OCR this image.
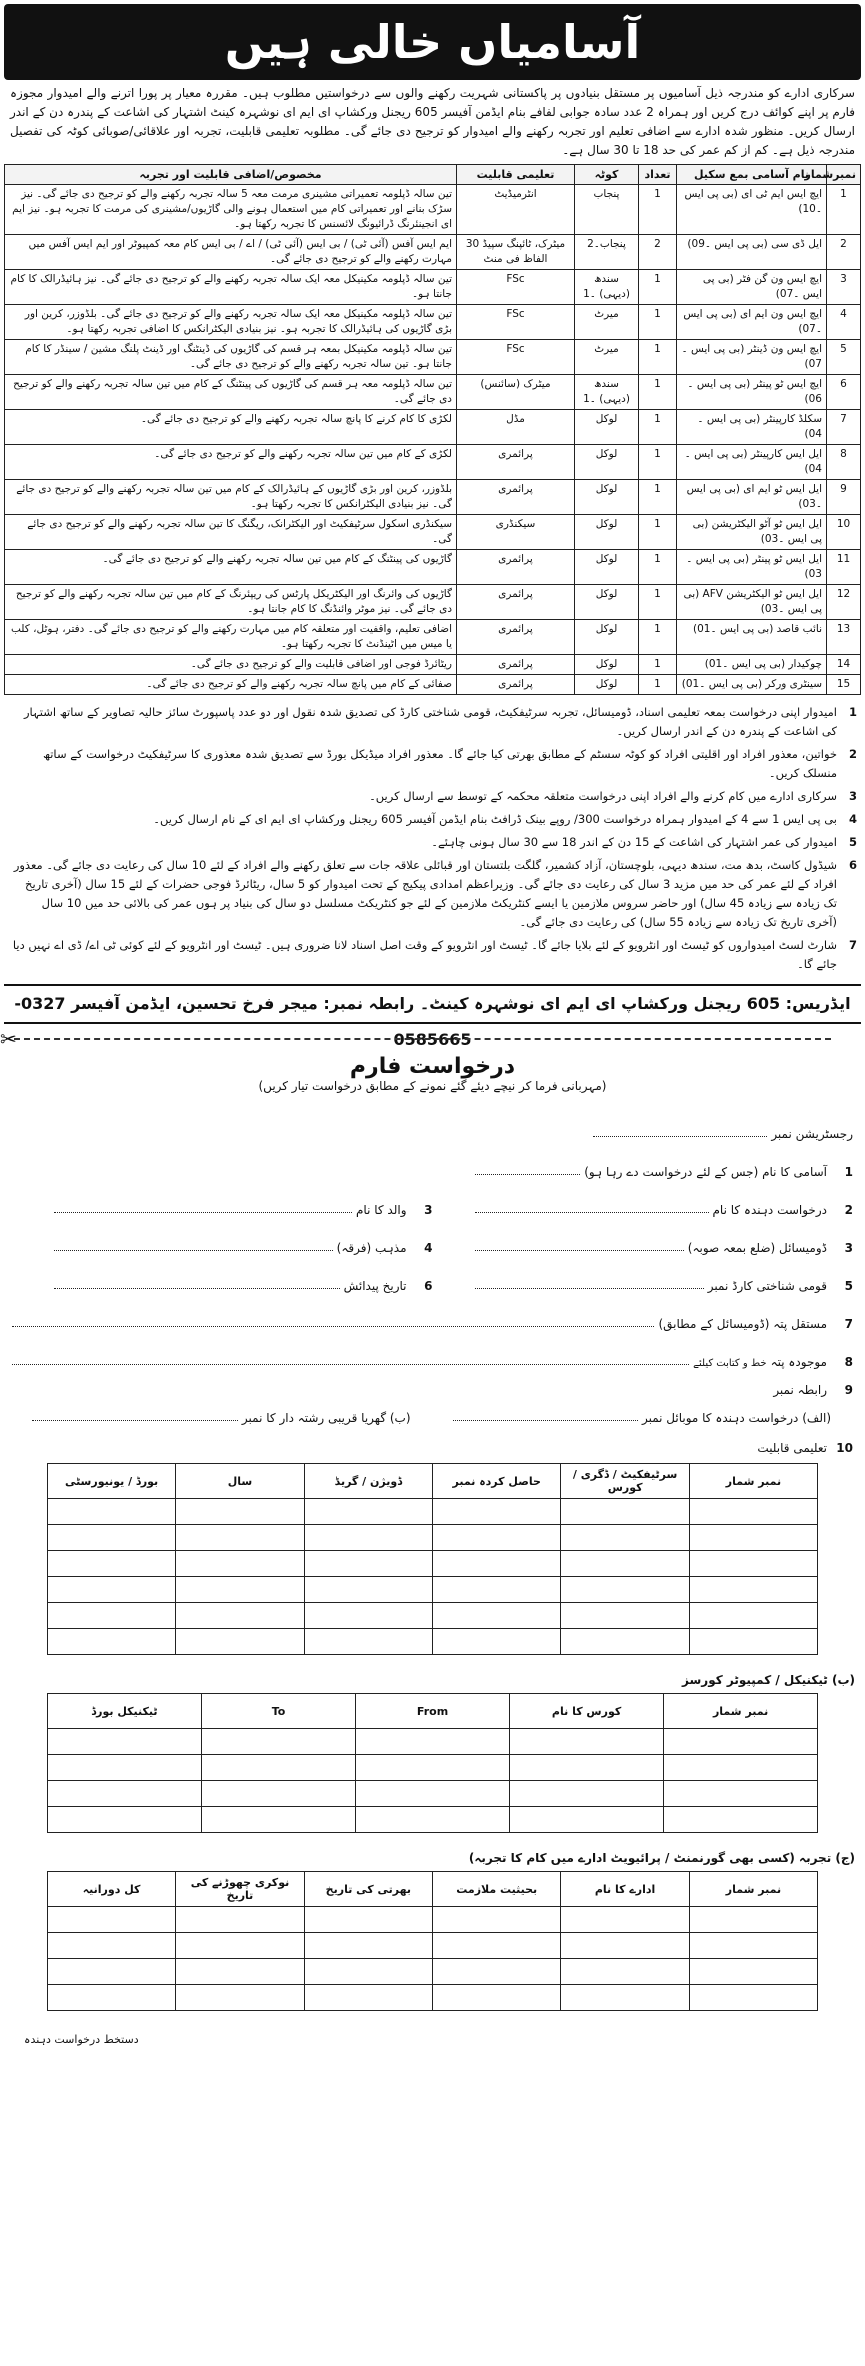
آسامیاں خالی ہیں
سرکاری ادارے کو مندرجہ ذیل آسامیوں پر مستقل بنیادوں پر پاکستانی شہریت رکھنے والوں سے درخواستیں مطلوب ہیں۔ مقررہ معیار پر پورا اترنے والے امیدوار مجوزہ فارم پر اپنے کوائف درج کریں اور ہمراہ 2 عدد سادہ جوابی لفافے بنام ایڈمن آفیسر 605 ریجنل ورکشاپ ای ایم ای نوشہرہ کینٹ اشتہار کی اشاعت کے پندرہ دن کے اندر ارسال کریں۔ منظور شدہ ادارے سے اضافی تعلیم اور تجربہ رکھنے والے امیدوار کو ترجیح دی جائے گی۔ مطلوبہ تعلیمی قابلیت، تجربہ اور علاقائی/صوبائی کوٹہ کی تفصیل مندرجہ ذیل ہے۔ کم از کم عمر کی حد 18 تا 30 سال ہے۔
نمبرشمار	نام آسامی بمع سکیل	تعداد	کوٹہ	تعلیمی قابلیت	مخصوص/اضافی قابلیت اور تجربہ
1	ایچ ایس ایم ٹی ای (بی پی ایس ۔10)	1	پنجاب	انٹرمیڈیٹ	تین سالہ ڈپلومہ تعمیراتی مشینری مرمت معہ 5 سالہ تجربہ رکھنے والے کو ترجیح دی جائے گی۔ نیز سڑک بنانے اور تعمیراتی کام میں استعمال ہونے والی گاڑیوں/مشینری کی مرمت کا تجربہ ہو۔ نیز ایم ای انجینئرنگ ڈرائیونگ لائسنس کا تجربہ رکھتا ہو۔
2	ایل ڈی سی (بی پی ایس ۔09)	2	پنجاب۔2	میٹرک، ٹائپنگ سپیڈ 30 الفاظ فی منٹ	ایم ایس آفس (آئی ٹی) / بی ایس (آئی ٹی) / اے / بی ایس کام معہ کمپیوٹر اور ایم ایس آفس میں مہارت رکھنے والے کو ترجیح دی جائے گی۔
3	ایچ ایس ون گن فٹر (بی پی ایس ۔07)	1	سندھ (دیہی) ۔1	FSc	تین سالہ ڈپلومہ مکینیکل معہ ایک سالہ تجربہ رکھنے والے کو ترجیح دی جائے گی۔ نیز ہائیڈرالک کا کام جانتا ہو۔
4	ایچ ایس ون ایم ای (بی پی ایس ۔07)	1	میرٹ	FSc	تین سالہ ڈپلومہ مکینیکل معہ ایک سالہ تجربہ رکھنے والے کو ترجیح دی جائے گی۔ بلڈوزر، کرین اور بڑی گاڑیوں کی ہائیڈرالک کا تجربہ ہو۔ نیز بنیادی الیکٹرانکس کا اضافی تجربہ رکھتا ہو۔
5	ایچ ایس ون ڈینٹر (بی پی ایس ۔07)	1	میرٹ	FSc	تین سالہ ڈپلومہ مکینیکل بمعہ ہر قسم کی گاڑیوں کی ڈینٹنگ اور ڈینٹ پلنگ مشین / سینڈر کا کام جانتا ہو۔ تین سالہ تجربہ رکھنے والے کو ترجیح دی جائے گی۔
6	ایچ ایس ٹو پینٹر (بی پی ایس ۔06)	1	سندھ (دیہی) ۔1	میٹرک (سائنس)	تین سالہ ڈپلومہ معہ ہر قسم کی گاڑیوں کی پینٹنگ کے کام میں تین سالہ تجربہ رکھنے والے کو ترجیح دی جائے گی۔
7	سکلڈ کارپینٹر (بی پی ایس ۔04)	1	لوکل	مڈل	لکڑی کا کام کرنے کا پانچ سالہ تجربہ رکھنے والے کو ترجیح دی جائے گی۔
8	ایل ایس کارپینٹر (بی پی ایس ۔04)	1	لوکل	پرائمری	لکڑی کے کام میں تین سالہ تجربہ رکھنے والے کو ترجیح دی جائے گی۔
9	ایل ایس ٹو ایم ای (بی پی ایس ۔03)	1	لوکل	پرائمری	بلڈوزر، کرین اور بڑی گاڑیوں کے ہائیڈرالک کے کام میں تین سالہ تجربہ رکھنے والے کو ترجیح دی جائے گی۔ نیز بنیادی الیکٹرانکس کا تجربہ رکھتا ہو۔
10	ایل ایس ٹو آٹو الیکٹریشن (بی پی ایس ۔03)	1	لوکل	سیکنڈری	سیکنڈری اسکول سرٹیفکیٹ اور الیکٹرانک، ریگنگ کا تین سالہ تجربہ رکھنے والے کو ترجیح دی جائے گی۔
11	ایل ایس ٹو پینٹر (بی پی ایس ۔03)	1	لوکل	پرائمری	گاڑیوں کی پینٹنگ کے کام میں تین سالہ تجربہ رکھنے والے کو ترجیح دی جائے گی۔
12	ایل ایس ٹو الیکٹریشن AFV (بی پی ایس ۔03)	1	لوکل	پرائمری	گاڑیوں کی وائرنگ اور الیکٹریکل پارٹس کی ریپئرنگ کے کام میں تین سالہ تجربہ رکھنے والے کو ترجیح دی جائے گی۔ نیز موٹر وائنڈنگ کا کام جانتا ہو۔
13	نائب قاصد (بی پی ایس ۔01)	1	لوکل	پرائمری	اضافی تعلیم، واقفیت اور متعلقہ کام میں مہارت رکھنے والے کو ترجیح دی جائے گی۔ دفتر، ہوٹل، کلب یا میس میں اٹینڈنٹ کا تجربہ رکھتا ہو۔
14	چوکیدار (بی پی ایس ۔01)	1	لوکل	پرائمری	ریٹائرڈ فوجی اور اضافی قابلیت والے کو ترجیح دی جائے گی۔
15	سینٹری ورکر (بی پی ایس ۔01)	1	لوکل	پرائمری	صفائی کے کام میں پانچ سالہ تجربہ رکھنے والے کو ترجیح دی جائے گی۔
1
امیدوار اپنی درخواست بمعہ تعلیمی اسناد، ڈومیسائل، تجربہ سرٹیفکیٹ، قومی شناختی کارڈ کی تصدیق شدہ نقول اور دو عدد پاسپورٹ سائز حالیہ تصاویر کے ساتھ اشتہار کی اشاعت کے پندرہ دن کے اندر ارسال کریں۔
2
خواتین، معذور افراد اور اقلیتی افراد کو کوٹہ سسٹم کے مطابق بھرتی کیا جائے گا۔ معذور افراد میڈیکل بورڈ سے تصدیق شدہ معذوری کا سرٹیفکیٹ درخواست کے ساتھ منسلک کریں۔
3
سرکاری ادارے میں کام کرنے والے افراد اپنی درخواست متعلقہ محکمہ کے توسط سے ارسال کریں۔
4
بی پی ایس 1 سے 4 کے امیدوار ہمراہ درخواست 300/ روپے بینک ڈرافٹ بنام ایڈمن آفیسر 605 ریجنل ورکشاپ ای ایم ای کے نام ارسال کریں۔
5
امیدوار کی عمر اشتہار کی اشاعت کے 15 دن کے اندر 18 سے 30 سال ہونی چاہئے۔
6
شیڈول کاسٹ، بدھ مت، سندھ دیہی، بلوچستان، آزاد کشمیر، گلگت بلتستان اور قبائلی علاقہ جات سے تعلق رکھنے والے افراد کے لئے 10 سال کی رعایت دی جائے گی۔ معذور افراد کے لئے عمر کی حد میں مزید 3 سال کی رعایت دی جائے گی۔ وزیراعظم امدادی پیکیج کے تحت امیدوار کو 5 سال، ریٹائرڈ فوجی حضرات کے لئے 15 سال (آخری تاریخ تک زیادہ سے زیادہ 45 سال) اور حاضر سروس ملازمین یا ایسے کنٹریکٹ ملازمین کے لئے جو کنٹریکٹ مسلسل دو سال کی بنیاد پر ہوں عمر کی بالائی حد میں 10 سال (آخری تاریخ تک زیادہ سے زیادہ 55 سال) کی رعایت دی جائے گی۔
7
شارٹ لسٹ امیدواروں کو ٹیسٹ اور انٹرویو کے لئے بلایا جائے گا۔ ٹیسٹ اور انٹرویو کے وقت اصل اسناد لانا ضروری ہیں۔ ٹیسٹ اور انٹرویو کے لئے کوئی ٹی اے/ ڈی اے نہیں دیا جائے گا۔
ایڈریس: 605 ریجنل ورکشاپ ای ایم ای نوشہرہ کینٹ۔ رابطہ نمبر: میجر فرخ تحسین، ایڈمن آفیسر 0327-0585665
✂
درخواست فارم
(مہربانی فرما کر نیچے دیئے گئے نمونے کے مطابق درخواست تیار کریں)
رجسٹریشن نمبر
1
آسامی کا نام (جس کے لئے درخواست دے رہا ہو)
2
درخواست دہندہ کا نام
3
والد کا نام
3
ڈومیسائل (ضلع بمعہ صوبہ)
4
مذہب (فرقہ)
5
قومی شناختی کارڈ نمبر
6
تاریخ پیدائش
7
مستقل پتہ (ڈومیسائل کے مطابق)
8
موجودہ پتہ
خط و کتابت کیلئے
9
رابطہ نمبر
(الف) درخواست دہندہ کا موبائل نمبر
(ب) گھریا قریبی رشتہ دار کا نمبر
10
تعلیمی قابلیت
نمبر شمار	سرٹیفکیٹ / ڈگری / کورس	حاصل کردہ نمبر	ڈویژن / گریڈ	سال	بورڈ / یونیورسٹی

(ب) ٹیکنیکل / کمپیوٹر کورسز
نمبر شمار	کورس کا نام	From	To	ٹیکنیکل بورڈ

(ج) تجربہ (کسی بھی گورنمنٹ / پرائیویٹ ادارے میں کام کا تجربہ)
نمبر شمار	ادارے کا نام	بحیثیت ملازمت	بھرتی کی تاریخ	نوکری چھوڑنے کی تاریخ	کل دورانیہ

دستخط درخواست دہندہ
